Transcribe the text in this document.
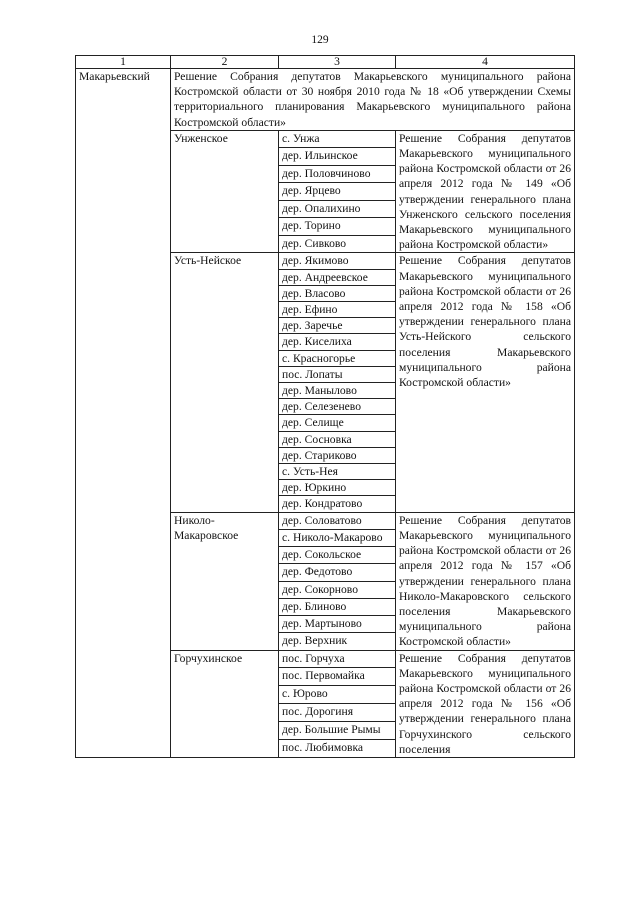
129
1	2	3	4
Макарьевский	Решение Собрания депутатов Макарьевского муниципального района Костромской области от 30 ноября 2010 года № 18 «Об утверждении Схемы территориального планирования Макарьевского муниципального района Костромской области»		
	Унженское	с. Унжа	Решение Собрания депутатов Макарьевского муниципального района Костромской области от 26 апреля 2012 года № 149 «Об утверждении генерального плана Унженского сельского поселения Макарьевского муниципального района Костромской области»
		дер. Ильинское	
		дер. Половчиново	
		дер. Ярцево	
		дер. Опалихино	
		дер. Торино	
		дер. Сивково	
	Усть-Нейское	дер. Якимово	Решение Собрания депутатов Макарьевского муниципального района Костромской области от 26 апреля 2012 года № 158 «Об утверждении генерального плана Усть-Нейского сельского поселения Макарьевского муниципального района Костромской области»
		дер. Андреевское	
		дер. Власово	
		дер. Ефино	
		дер. Заречье	
		дер. Киселиха	
		с. Красногорье	
		пос. Лопаты	
		дер. Манылово	
		дер. Селезенево	
		дер. Селище	
		дер. Сосновка	
		дер. Стариково	
		с. Усть-Нея	
		дер. Юркино	
		дер. Кондратово	
	Николо-Макаровское	дер. Соловатово	Решение Собрания депутатов Макарьевского муниципального района Костромской области от 26 апреля 2012 года № 157 «Об утверждении генерального плана Николо-Макаровского сельского поселения Макарьевского муниципального района Костромской области»
		с. Николо-Макарово	
		дер. Сокольское	
		дер. Федотово	
		дер. Сокорново	
		дер. Блиново	
		дер. Мартыново	
		дер. Верхник	
	Горчухинское	пос. Горчуха	Решение Собрания депутатов Макарьевского муниципального района Костромской области от 26 апреля 2012 года № 156 «Об утверждении генерального плана Горчухинского сельского поселения
		пос. Первомайка	
		с. Юрово	
		пос. Дорогиня	
		дер. Большие Рымы	
		пос. Любимовка	
